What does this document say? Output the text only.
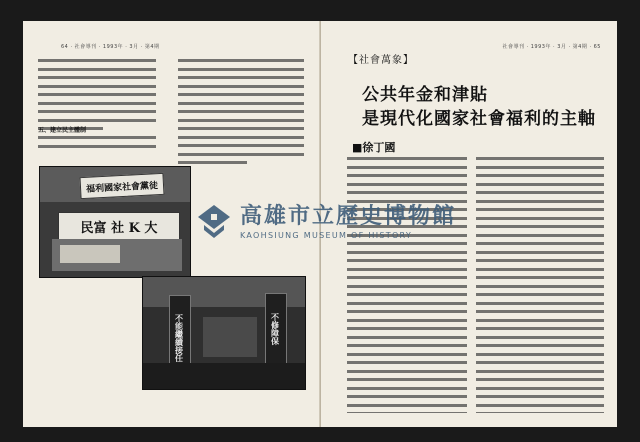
64 · 社會導刊 · 1993年 · 3月 · 第4期
五、建立民主體制
福利國家社會黨徒
民富 社 K 大
社會導刊 · 1993年 · 3月 · 第4期 · 65
不能繼續接任	不修障保
【社會萬象】
公共年金和津貼
是現代化國家社會福利的主軸
■徐丁國
高雄市立歷史博物館
KAOHSIUNG MUSEUM OF HISTORY
